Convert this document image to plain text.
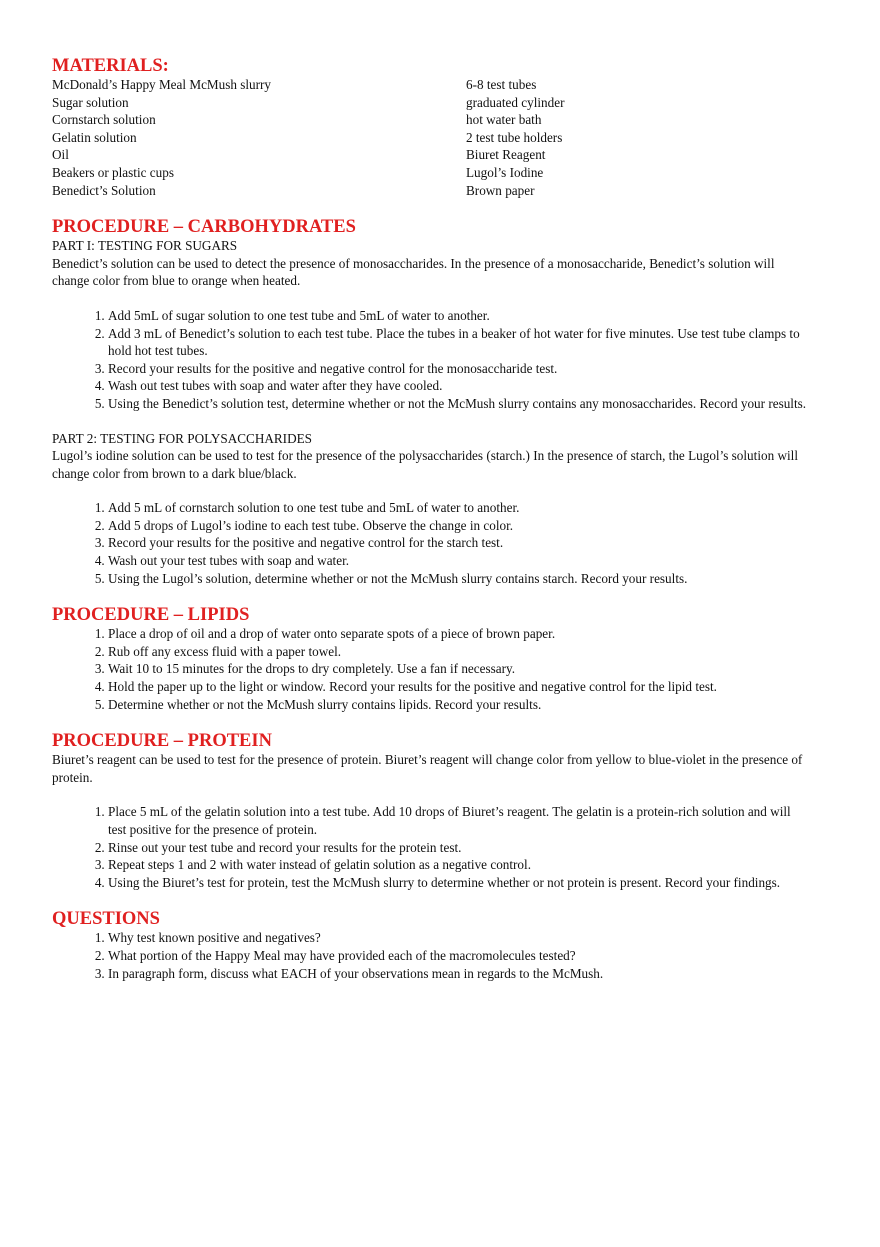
MATERIALS:

McDonald’s Happy Meal McMush slurry

Sugar solution

Cornstarch solution

Gelatin solution

Oil

Beakers or plastic cups

Benedict’s Solution

6-8 test tubes

graduated cylinder

hot water bath

2 test tube holders

Biuret Reagent

Lugol’s Iodine

Brown paper

PROCEDURE – CARBOHYDRATES

PART I: TESTING FOR SUGARS

Benedict’s solution can be used to detect the presence of monosaccharides. In the presence of a monosaccharide, Benedict’s solution will change color from blue to orange when heated.

1. Add 5mL of sugar solution to one test tube and 5mL of water to another.
2. Add 3 mL of Benedict’s solution to each test tube. Place the tubes in a beaker of hot water for five minutes. Use test tube clamps to hold hot test tubes.
3. Record your results for the positive and negative control for the monosaccharide test.
4. Wash out test tubes with soap and water after they have cooled.
5. Using the Benedict’s solution test, determine whether or not the McMush slurry contains any monosaccharides. Record your results.

PART 2: TESTING FOR POLYSACCHARIDES

Lugol’s iodine solution can be used to test for the presence of the polysaccharides (starch.) In the presence of starch, the Lugol’s solution will change color from brown to a dark blue/black.

1. Add 5 mL of cornstarch solution to one test tube and 5mL of water to another.
2. Add 5 drops of Lugol’s iodine to each test tube. Observe the change in color.
3. Record your results for the positive and negative control for the starch test.
4. Wash out your test tubes with soap and water.
5. Using the Lugol’s solution, determine whether or not the McMush slurry contains starch. Record your results.
PROCEDURE – LIPIDS
1. Place a drop of oil and a drop of water onto separate spots of a piece of brown paper.
2. Rub off any excess fluid with a paper towel.
3. Wait 10 to 15 minutes for the drops to dry completely. Use a fan if necessary.
4. Hold the paper up to the light or window. Record your results for the positive and negative control for the lipid test.
5. Determine whether or not the McMush slurry contains lipids. Record your results.
PROCEDURE – PROTEIN

Biuret’s reagent can be used to test for the presence of protein. Biuret’s reagent will change color from yellow to blue-violet in the presence of protein.

1. Place 5 mL of the gelatin solution into a test tube. Add 10 drops of Biuret’s reagent. The gelatin is a protein-rich solution and will test positive for the presence of protein.
2. Rinse out your test tube and record your results for the protein test.
3. Repeat steps 1 and 2 with water instead of gelatin solution as a negative control.
4. Using the Biuret’s test for protein, test the McMush slurry to determine whether or not protein is present. Record your findings.
QUESTIONS
1. Why test known positive and negatives?
2. What portion of the Happy Meal may have provided each of the macromolecules tested?
3. In paragraph form, discuss what EACH of your observations mean in regards to the McMush.
